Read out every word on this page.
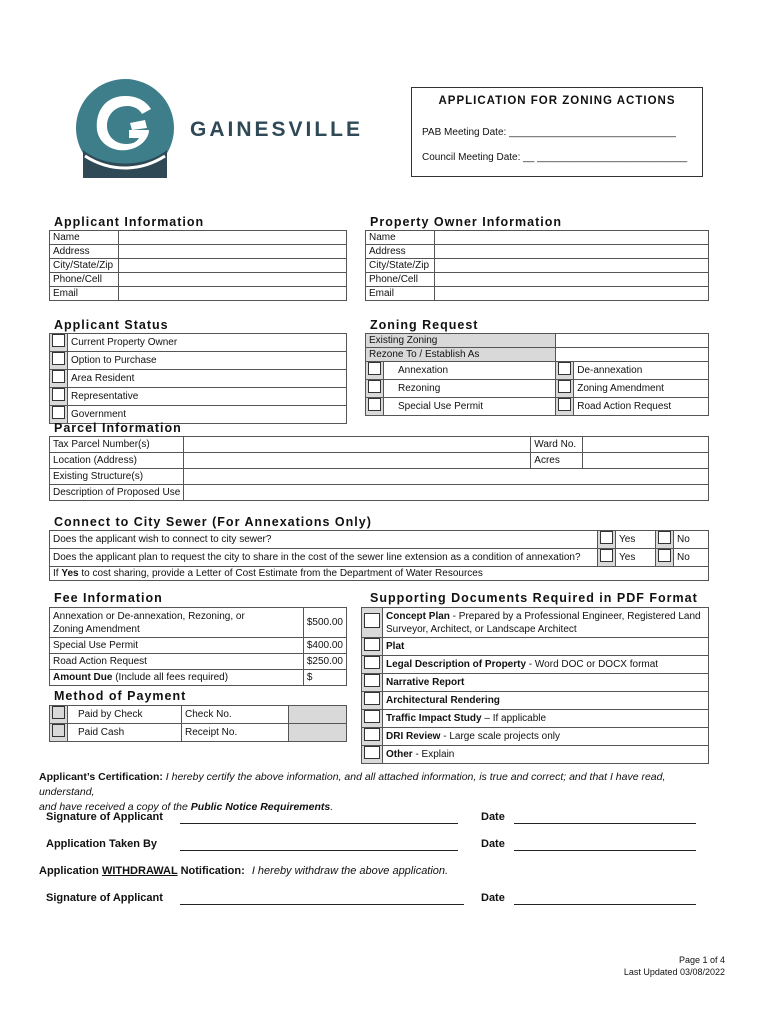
GAINESVILLE
APPLICATION FOR ZONING ACTIONS
PAB Meeting Date: ______________________________
Council Meeting Date: __ ___________________________
Applicant Information
Name	
Address	
City/State/Zip	
Phone/Cell	
Email	
Property Owner Information
Name	
Address	
City/State/Zip	
Phone/Cell	
Email	
Applicant Status
	Current Property Owner
	Option to Purchase
	Area Resident
	Representative
	Government
Zoning Request
Existing Zoning			
Rezone To / Establish As			
	Annexation		De-annexation
	Rezoning		Zoning Amendment
	Special Use Permit		Road Action Request
Parcel Information
Tax Parcel Number(s)		Ward No.	
Location (Address)		Acres	
Existing Structure(s)			
Description of Proposed Use			
Connect to City Sewer (For Annexations Only)
Does the applicant wish to connect to city sewer?		Yes		No
Does the applicant plan to request the city to share in the cost of the sewer line extension as a condition of annexation?		Yes		No
If Yes to cost sharing, provide a Letter of Cost Estimate from the Department of Water Resources				
Fee Information
Annexation or De-annexation, Rezoning, or
Zoning Amendment	$500.00
Special Use Permit	$400.00
Road Action Request	$250.00
Amount Due (Include all fees required)	$
Method of Payment
	Paid by Check	Check No.	
	Paid Cash	Receipt No.	
Supporting Documents Required in PDF Format
	Concept Plan - Prepared by a Professional Engineer, Registered Land
Surveyor, Architect, or Landscape Architect
	Plat
	Legal Description of Property - Word DOC or DOCX format
	Narrative Report
	Architectural Rendering
	Traffic Impact Study – If applicable
	DRI Review - Large scale projects only
	Other - Explain
Applicant’s Certification: I hereby certify the above information, and all attached information, is true and correct; and that I have read, understand,
and have received a copy of the Public Notice Requirements.
Signature of Applicant	Date
Application Taken By	Date
Application WITHDRAWAL Notification: I hereby withdraw the above application.
Signature of Applicant	Date
Page 1 of 4
Last Updated 03/08/2022
